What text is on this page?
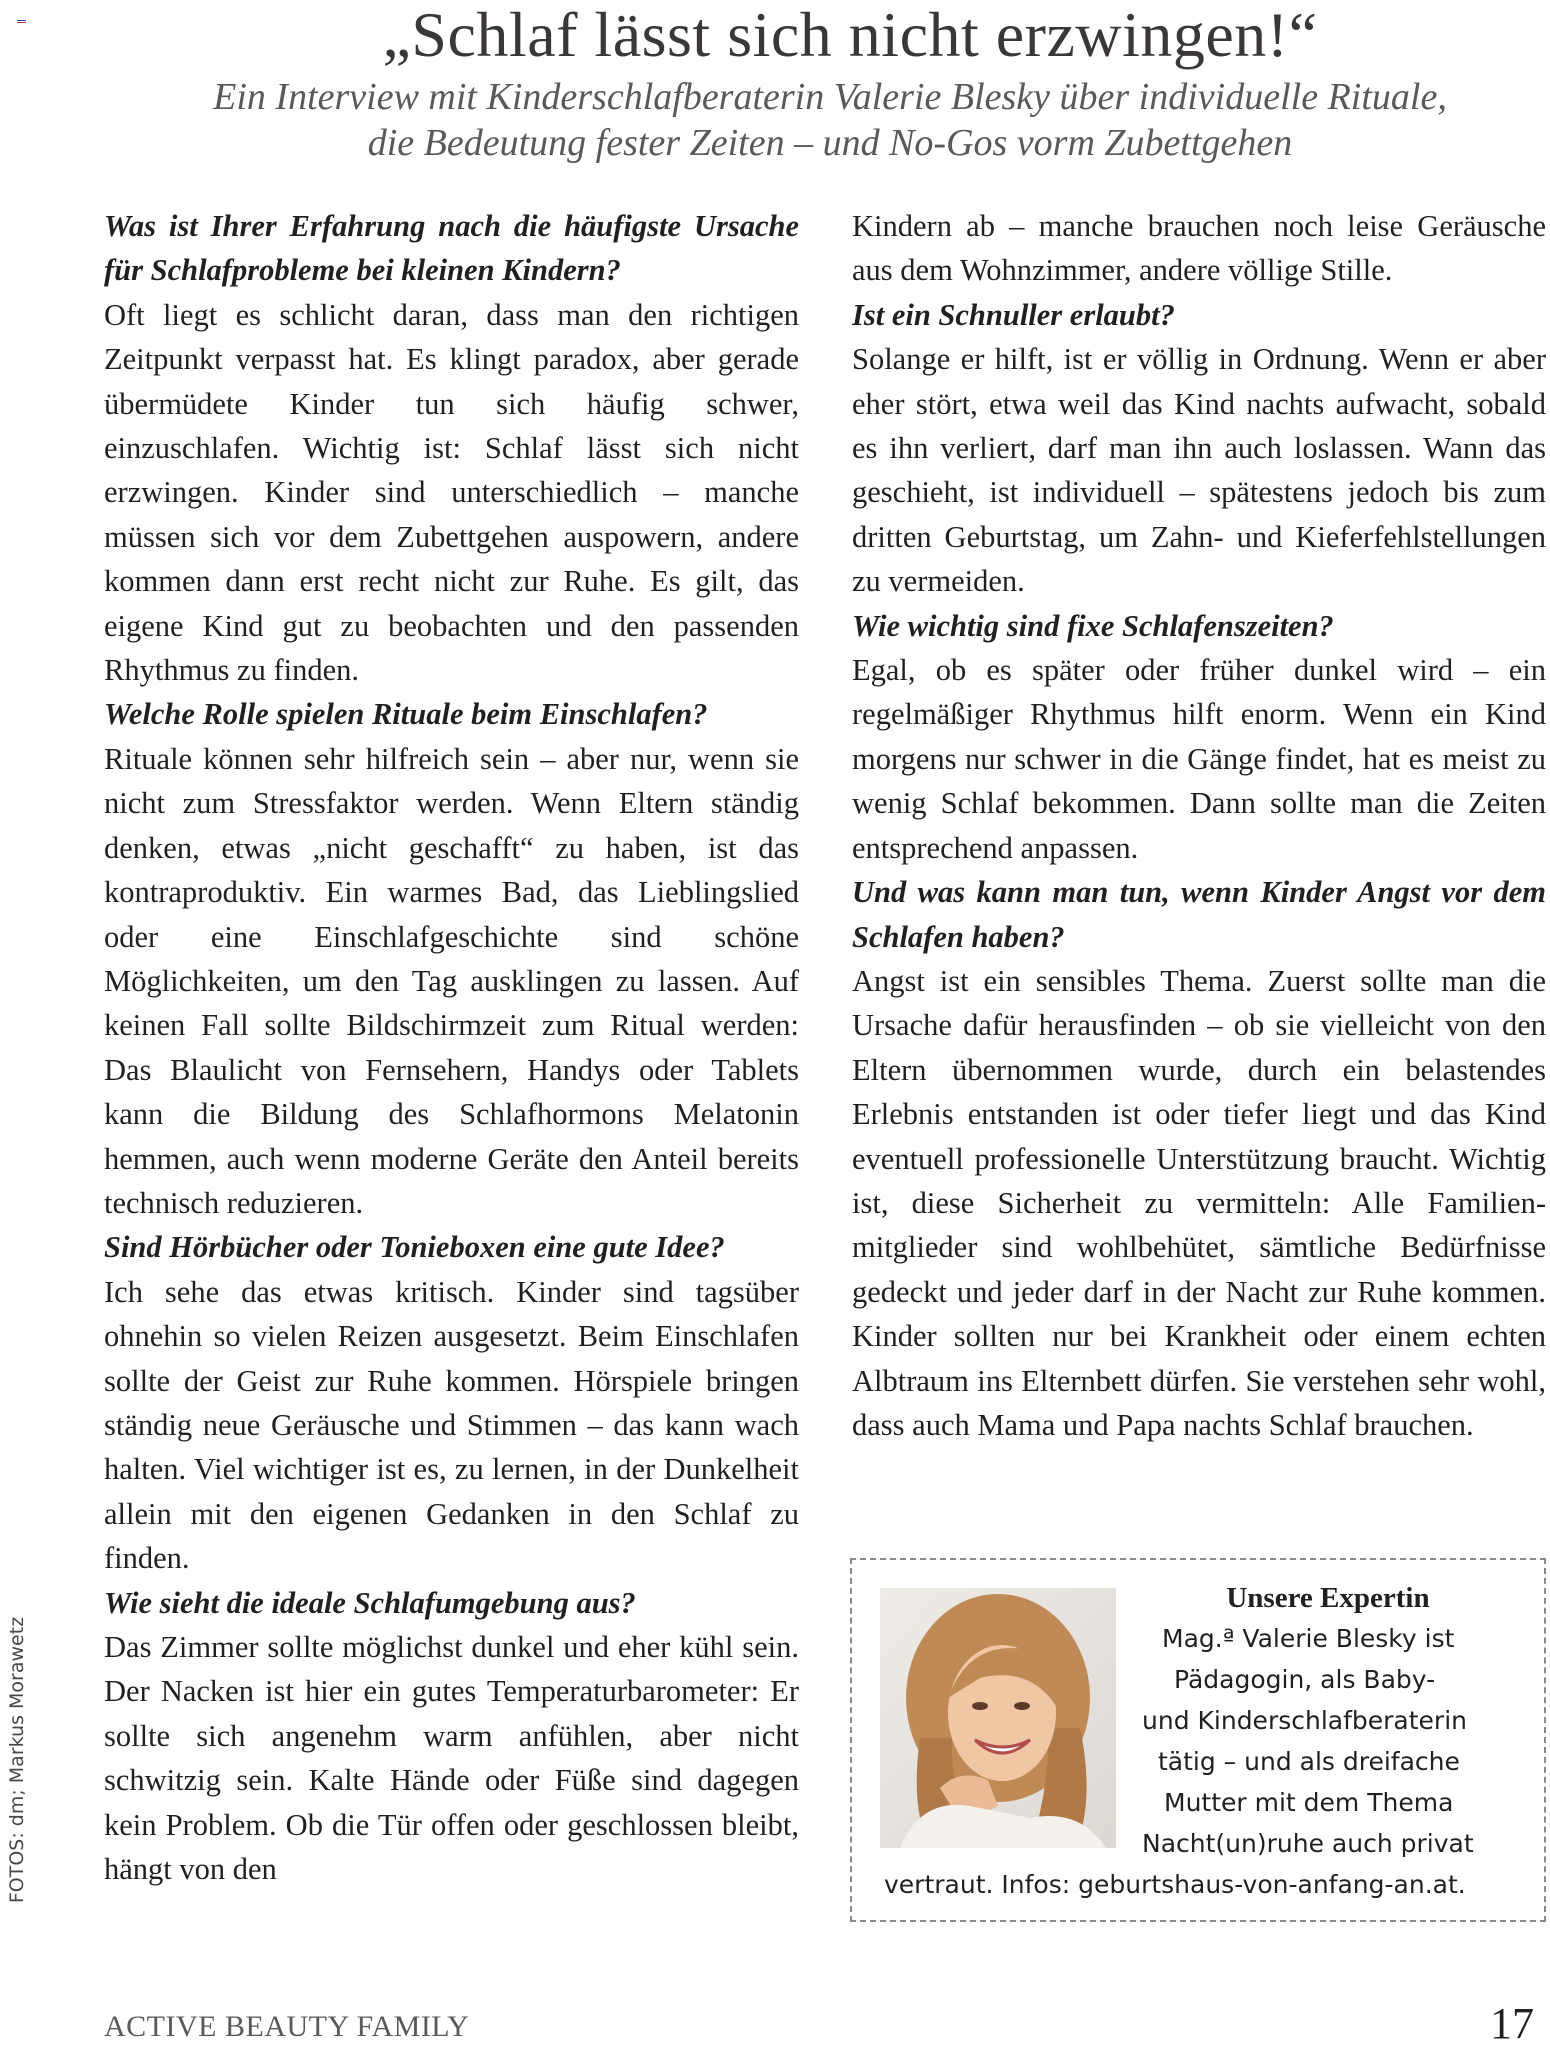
„Schlaf lässt sich nicht erzwingen!“
Ein Interview mit Kinderschlafberaterin Valerie Blesky über individuelle Rituale,
die Bedeutung fester Zeiten – und No-Gos vorm Zubettgehen

Was ist Ihrer Erfahrung nach die häufigste Ursache für Schlafprobleme bei kleinen Kindern?

Oft liegt es schlicht daran, dass man den richtigen Zeitpunkt verpasst hat. Es klingt paradox, aber gerade übermüdete Kinder tun sich häufig schwer, einzuschlafen. Wichtig ist: Schlaf lässt sich nicht erzwingen. Kinder sind unterschiedlich – manche müssen sich vor dem Zubettgehen auspowern, andere kommen dann erst recht nicht zur Ruhe. Es gilt, das eigene Kind gut zu beobachten und den passenden Rhythmus zu finden.

Welche Rolle spielen Rituale beim Einschlafen?

Rituale können sehr hilfreich sein – aber nur, wenn sie nicht zum Stressfaktor werden. Wenn Eltern ständig denken, etwas „nicht geschafft“ zu haben, ist das kontraproduktiv. Ein warmes Bad, das Lieblingslied oder eine Einschlafgeschichte sind schöne Möglichkeiten, um den Tag ausklingen zu lassen. Auf keinen Fall sollte Bildschirmzeit zum Ritual werden: Das Blaulicht von Fernsehern, Handys oder Tablets kann die Bildung des Schlafhormons Melatonin hemmen, auch wenn moderne Geräte den Anteil bereits technisch reduzieren.

Sind Hörbücher oder Tonieboxen eine gute Idee?

Ich sehe das etwas kritisch. Kinder sind tagsüber ohnehin so vielen Reizen ausgesetzt. Beim Einschlafen sollte der Geist zur Ruhe kommen. Hörspiele bringen ständig neue Geräusche und Stimmen – das kann wach halten. Viel wichtiger ist es, zu lernen, in der Dunkelheit allein mit den eigenen Gedanken in den Schlaf zu finden.

Wie sieht die ideale Schlafumgebung aus?

Das Zimmer sollte möglichst dunkel und eher kühl sein. Der Nacken ist hier ein gutes Temperaturbarometer: Er sollte sich angenehm warm anfühlen, aber nicht schwitzig sein. Kalte Hände oder Füße sind dagegen kein Problem. Ob die Tür offen oder geschlossen bleibt, hängt von den

Kindern ab – manche brauchen noch leise Geräusche aus dem Wohnzimmer, andere völlige Stille.

Ist ein Schnuller erlaubt?

Solange er hilft, ist er völlig in Ordnung. Wenn er aber eher stört, etwa weil das Kind nachts aufwacht, sobald es ihn verliert, darf man ihn auch loslassen. Wann das geschieht, ist individuell – spätestens jedoch bis zum dritten Geburtstag, um Zahn- und Kieferfehlstellungen zu vermeiden.

Wie wichtig sind fixe Schlafenszeiten?

Egal, ob es später oder früher dunkel wird – ein regelmäßiger Rhythmus hilft enorm. Wenn ein Kind morgens nur schwer in die Gänge findet, hat es meist zu wenig Schlaf bekommen. Dann sollte man die Zeiten entsprechend anpassen.

Und was kann man tun, wenn Kinder Angst vor dem Schlafen haben?

Angst ist ein sensibles Thema. Zuerst sollte man die Ursache dafür herausfinden – ob sie vielleicht von den Eltern übernommen wurde, durch ein belastendes Erlebnis entstanden ist oder tiefer liegt und das Kind eventuell professionelle Unterstützung braucht. Wichtig ist, diese Sicherheit zu vermitteln: Alle Familienmitglieder sind wohlbehütet, sämtliche Bedürfnisse gedeckt und jeder darf in der Nacht zur Ruhe kommen. Kinder sollten nur bei Krankheit oder einem echten Albtraum ins Elternbett dürfen. Sie verstehen sehr wohl, dass auch Mama und Papa nachts Schlaf brauchen.

FOTOS: dm; Markus Morawetz
Unsere Expertin
Mag.ª Valerie Blesky ist
Pädagogin, als Baby-
und Kinderschlafberaterin
tätig – und als dreifache
Mutter mit dem Thema
Nacht(un)ruhe auch privat
vertraut. Infos: geburtshaus-von-anfang-an.at.
ACTIVE BEAUTY FAMILY	17
